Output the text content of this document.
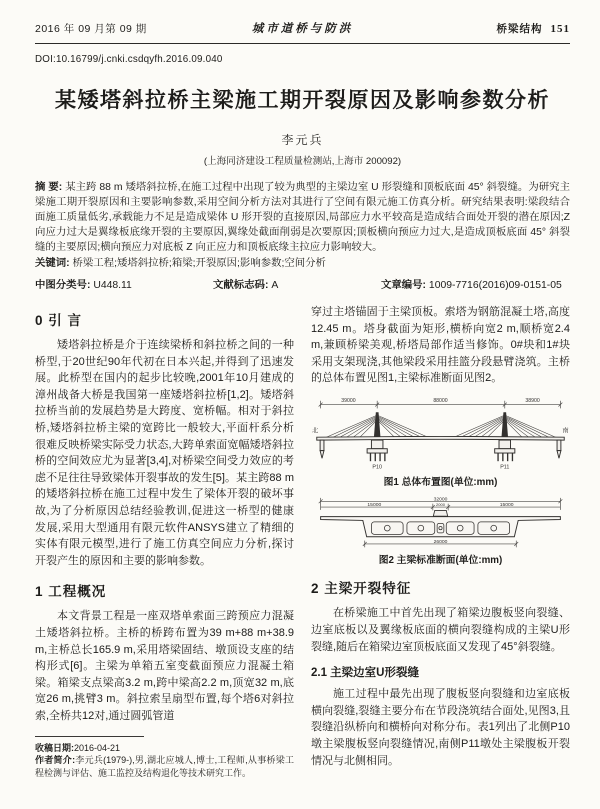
2016 年 09 月第 09 期	城市道桥与防洪	桥梁结构 151
DOI:10.16799/j.cnki.csdqyfh.2016.09.040
某矮塔斜拉桥主梁施工期开裂原因及影响参数分析
李元兵
(上海同济建设工程质量检测站,上海市 200092)
摘 要: 某主跨 88 m 矮塔斜拉桥,在施工过程中出现了较为典型的主梁边室 U 形裂缝和顶板底面 45° 斜裂缝。为研究主梁施工期开裂原因和主要影响参数,采用空间分析方法对其进行了空间有限元施工仿真分析。研究结果表明:梁段结合面施工质量低劣,承载能力不足是造成梁体 U 形开裂的直接原因,局部应力水平较高是造成结合面处开裂的潜在原因;Z 向应力过大是翼缘板底缘开裂的主要原因,翼缘处截面削弱是次要原因;顶板横向预应力过大,是造成顶板底面 45° 斜裂缝的主要原因;横向预应力对底板 Z 向正应力和顶板底缘主拉应力影响较大。
关键词: 桥梁工程;矮塔斜拉桥;箱梁;开裂原因;影响参数;空间分析
中图分类号: U448.11	文献标志码: A	文章编号: 1009-7716(2016)09-0151-05
0 引 言

矮塔斜拉桥是介于连续梁桥和斜拉桥之间的一种桥型,于20世纪90年代初在日本兴起,并得到了迅速发展。此桥型在国内的起步比较晚,2001年10月建成的漳州战备大桥是我国第一座矮塔斜拉桥[1,2]。矮塔斜拉桥当前的发展趋势是大跨度、宽桥幅。相对于斜拉桥,矮塔斜拉桥主梁的宽跨比一般较大,平面杆系分析很难反映桥梁实际受力状态,大跨单索面宽幅矮塔斜拉桥的空间效应尤为显著[3,4],对桥梁空间受力效应的考虑不足往往导致梁体开裂事故的发生[5]。某主跨88 m的矮塔斜拉桥在施工过程中发生了梁体开裂的破坏事故,为了分析原因总结经验教训,促进这一桥型的健康发展,采用大型通用有限元软件ANSYS建立了精细的实体有限元模型,进行了施工仿真空间应力分析,探讨开裂产生的原因和主要的影响参数。

1 工程概况

本文背景工程是一座双塔单索面三跨预应力混凝土矮塔斜拉桥。主桥的桥跨布置为39 m+88 m+38.9 m,主桥总长165.9 m,采用塔梁固结、墩顶设支座的结构形式[6]。主梁为单箱五室变截面预应力混凝土箱梁。箱梁支点梁高3.2 m,跨中梁高2.2 m,顶宽32 m,底宽26 m,挑臂3 m。斜拉索呈扇型布置,每个塔6对斜拉索,全桥共12对,通过圆弧管道

收稿日期:2016-04-21
作者简介:李元兵(1979-),男,湖北应城人,博士,工程师,从事桥梁工程检测与评估、施工监控及结构退化等技术研究工作。

穿过主塔锚固于主梁顶板。索塔为钢筋混凝土塔,高度12.45 m。塔身截面为矩形,横桥向宽2 m,顺桥宽2.4 m,兼顾桥梁美观,桥塔局部作适当修饰。0#块和1#块采用支架现浇,其他梁段采用挂篮分段悬臂浇筑。主桥的总体布置见图1,主梁标准断面见图2。

39000	88000	38900
北	南
P10	P11
图1 总体布置图(单位:mm)
32000
15000	2000	15000
26000
图2 主梁标准断面(单位:mm)
2 主梁开裂特征

在桥梁施工中首先出现了箱梁边腹板竖向裂缝、边室底板以及翼缘板底面的横向裂缝构成的主梁U形裂缝,随后在箱梁边室顶板底面又发现了45°斜裂缝。

2.1 主梁边室U形裂缝

施工过程中最先出现了腹板竖向裂缝和边室底板横向裂缝,裂缝主要分布在节段浇筑结合面处,见图3,且裂缝沿纵桥向和横桥向对称分布。表1列出了北侧P10墩主梁腹板竖向裂缝情况,南侧P11墩处主梁腹板开裂情况与北侧相同。
